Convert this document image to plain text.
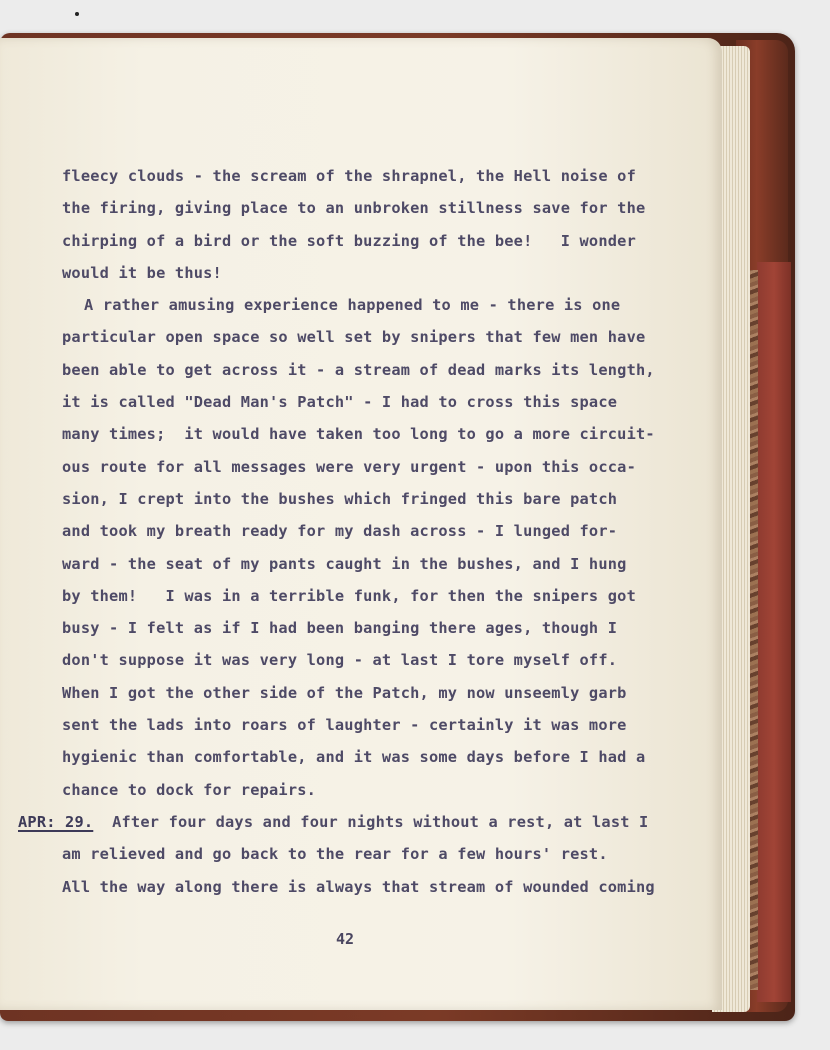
fleecy clouds - the scream of the shrapnel, the Hell noise of
the firing, giving place to an unbroken stillness save for the
chirping of a bird or the soft buzzing of the bee!   I wonder
would it be thus!
A rather amusing experience happened to me - there is one
particular open space so well set by snipers that few men have
been able to get across it - a stream of dead marks its length,
it is called "Dead Man's Patch" - I had to cross this space
many times;  it would have taken too long to go a more circuit-
ous route for all messages were very urgent - upon this occa-
sion, I crept into the bushes which fringed this bare patch
and took my breath ready for my dash across - I lunged for-
ward - the seat of my pants caught in the bushes, and I hung
by them!   I was in a terrible funk, for then the snipers got
busy - I felt as if I had been banging there ages, though I
don't suppose it was very long - at last I tore myself off.
When I got the other side of the Patch, my now unseemly garb
sent the lads into roars of laughter - certainly it was more
hygienic than comfortable, and it was some days before I had a
chance to dock for repairs.
APR: 29. After four days and four nights without a rest, at last I
am relieved and go back to the rear for a few hours' rest.
All the way along there is always that stream of wounded coming
42
